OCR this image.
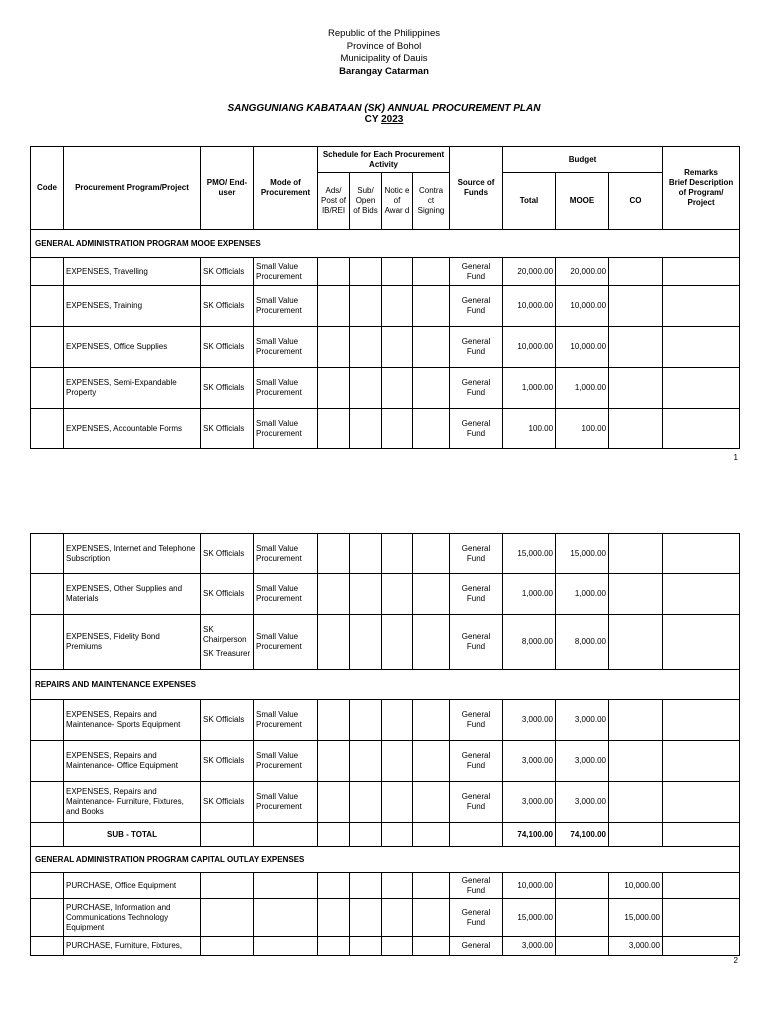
Republic of the Philippines
Province of Bohol
Municipality of Dauis
Barangay Catarman
SANGGUNIANG KABATAAN (SK) ANNUAL PROCUREMENT PLAN
CY 2023
Code	Procurement Program/Project	PMO/ End-user	Mode of Procurement	Schedule for Each Procurement Activity				Source of Funds	Budget			Remarks
Brief Description of Program/ Project

				Ads/ Post of IB/REI	Sub/ Open of Bids	Notic e of Awar d	Contra ct Signing		Total	MOOE	CO	
GENERAL ADMINISTRATION PROGRAM MOOE EXPENSES												
	EXPENSES, Travelling	SK Officials	Small Value Procurement					General Fund	20,000.00	20,000.00		
	EXPENSES, Training	SK Officials	Small Value Procurement					General Fund	10,000.00	10,000.00		
	EXPENSES, Office Supplies	SK Officials	Small Value Procurement					General Fund	10,000.00	10,000.00		
	EXPENSES, Semi-Expandable Property	SK Officials	Small Value Procurement					General Fund	1,000.00	1,000.00		
	EXPENSES, Accountable Forms	SK Officials	Small Value Procurement					General Fund	100.00	100.00		
1
	EXPENSES, Internet and Telephone Subscription	SK Officials	Small Value Procurement					General Fund	15,000.00	15,000.00		
	EXPENSES, Other Supplies and Materials	SK Officials	Small Value Procurement					General Fund	1,000.00	1,000.00		
	EXPENSES, Fidelity Bond Premiums	SK Chairperson
SK Treasurer	Small Value Procurement					General Fund	8,000.00	8,000.00		
REPAIRS AND MAINTENANCE EXPENSES												
	EXPENSES, Repairs and Maintenance- Sports Equipment	SK Officials	Small Value Procurement					General Fund	3,000.00	3,000.00		
	EXPENSES, Repairs and Maintenance- Office Equipment	SK Officials	Small Value Procurement					General Fund	3,000.00	3,000.00		
	EXPENSES, Repairs and Maintenance- Furniture, Fixtures, and Books	SK Officials	Small Value Procurement					General Fund	3,000.00	3,000.00		
	SUB - TOTAL								74,100.00	74,100.00		
GENERAL ADMINISTRATION PROGRAM CAPITAL OUTLAY EXPENSES												
	PURCHASE, Office Equipment							General Fund	10,000.00		10,000.00	
	PURCHASE, Information and Communications Technology Equipment							General Fund	15,000.00		15,000.00	
	PURCHASE, Furniture, Fixtures,							General	3,000.00		3,000.00	
2
